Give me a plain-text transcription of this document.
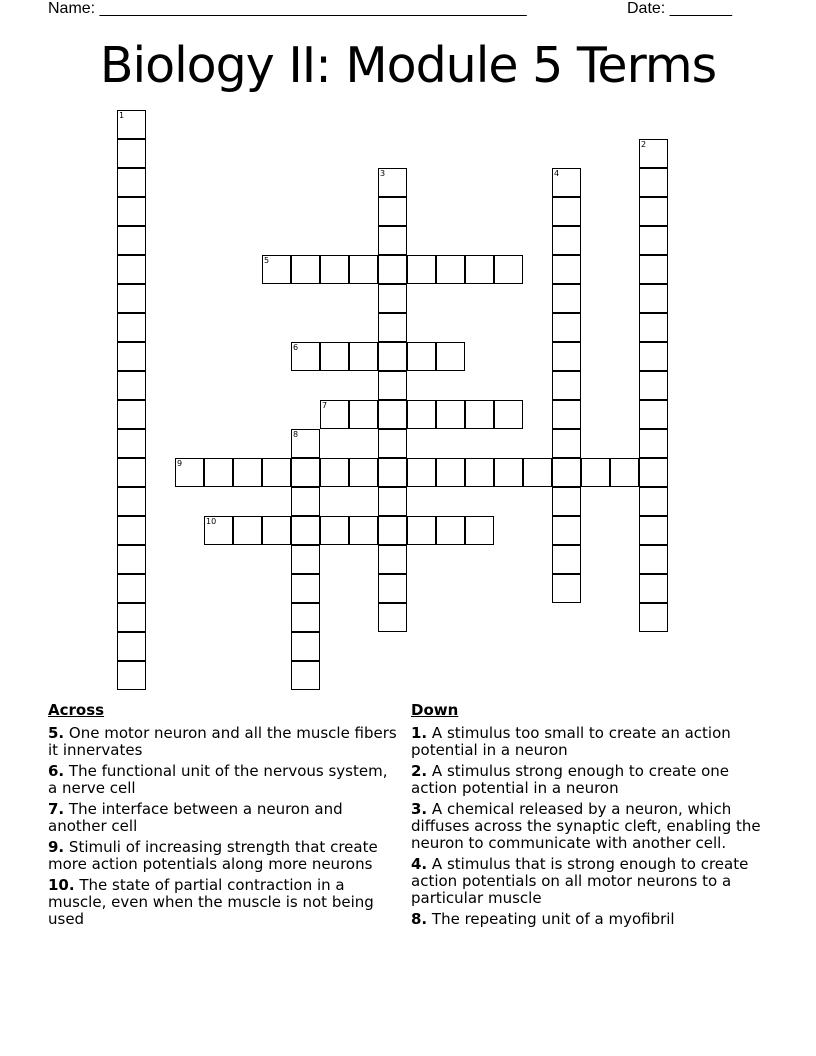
Name: ________________________________________________	Date: _______
Biology II: Module 5 Terms
1
2
3	4
5
6
7
8
9
10
Across
5. One motor neuron and all the muscle fibers it innervates
6. The functional unit of the nervous system, a nerve cell
7. The interface between a neuron and another cell
9. Stimuli of increasing strength that create more action potentials along more neurons
10. The state of partial contraction in a muscle, even when the muscle is not being used
Down
1. A stimulus too small to create an action potential in a neuron
2. A stimulus strong enough to create one action potential in a neuron
3. A chemical released by a neuron, which diffuses across the synaptic cleft, enabling the neuron to communicate with another cell.
4. A stimulus that is strong enough to create action potentials on all motor neurons to a particular muscle
8. The repeating unit of a myofibril
